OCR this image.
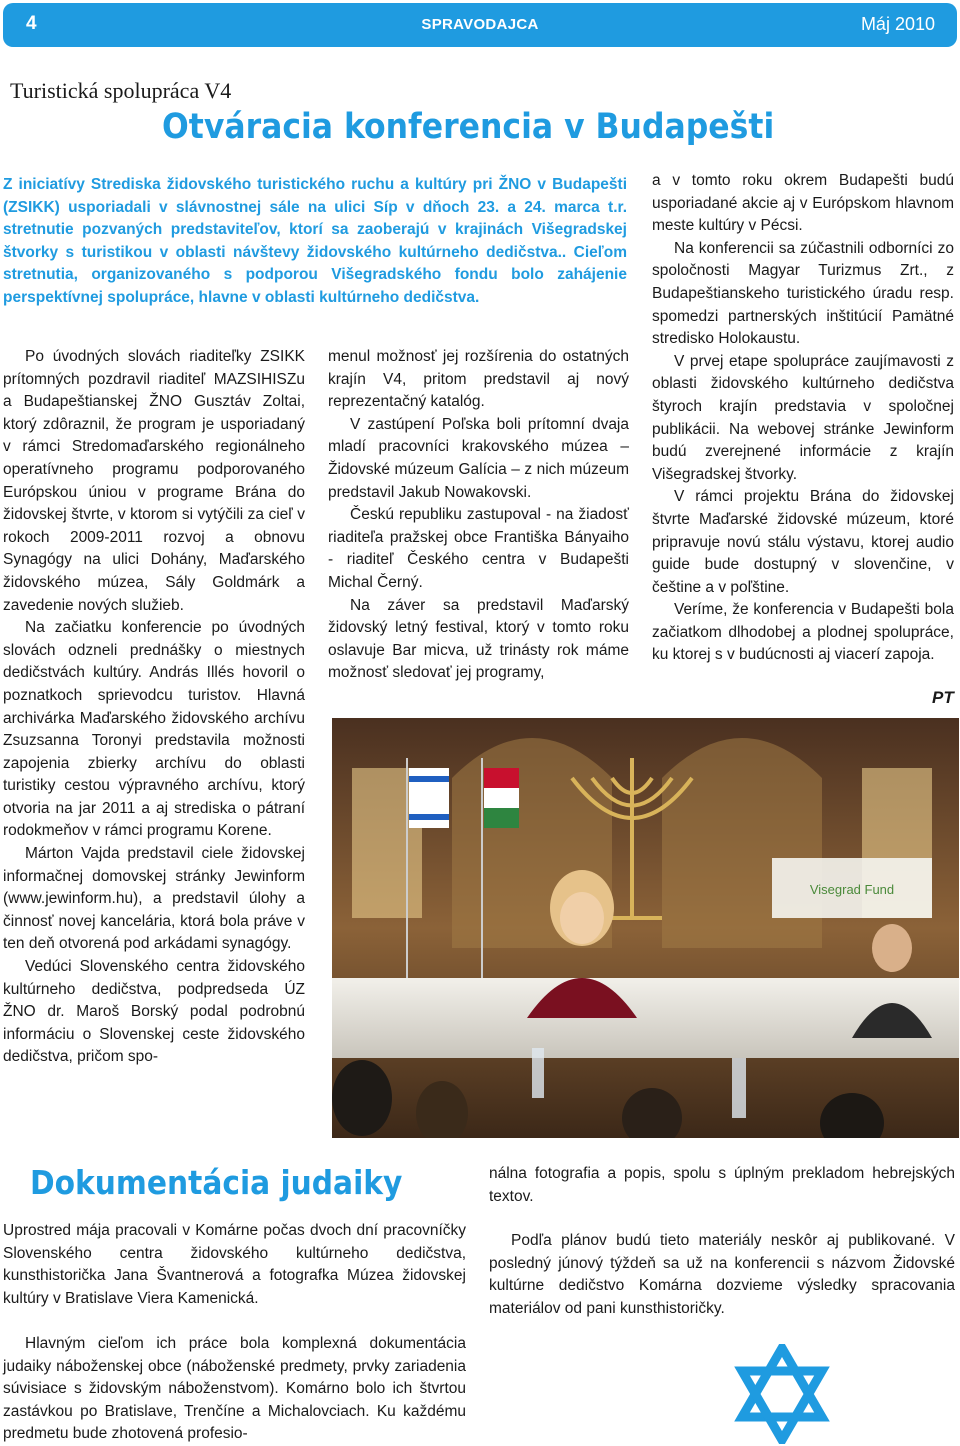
4	SPRAVODAJCA	Máj 2010
Turistická spolupráca V4
Otváracia konferencia v Budapešti

Z iniciatívy Strediska židovského turistického ruchu a kultúry pri ŽNO v Budapešti (ZSIKK) usporiadali v slávnostnej sále na ulici Síp v dňoch 23. a 24. marca t.r. stretnutie pozvaných predstaviteľov, ktorí sa zaoberajú v krajinách Višegradskej štvorky s turistikou v oblasti návštevy židovského kultúrneho dedičstva.. Cieľom stretnutia, organizovaného s podporou Višegradského fondu bolo zahájenie perspektívnej spolupráce, hlavne v oblasti kultúrneho dedičstva.

Po úvodných slovách riaditeľky ZSIKK prítomných pozdravil riaditeľ MAZSIHISZu a Budapeštianskej ŽNO Gusztáv Zoltai, ktorý zdôraznil, že program je usporiadaný v rámci Stredomaďarského regionálneho operatívneho programu podporovaného Európskou úniou v programe Brána do židovskej štvrte, v ktorom si vytýčili za cieľ v rokoch 2009-2011 rozvoj a obnovu Synagógy na ulici Dohány, Maďarského židovského múzea, Sály Goldmárk a zavedenie nových služieb.

Na začiatku konferencie po úvodných slovách odzneli prednášky o miestnych dedičstvách kultúry. András Illés hovoril o poznatkoch sprievodcu turistov. Hlavná archivárka Maďarského židovského archívu Zsuzsanna Toronyi predstavila možnosti zapojenia zbierky archívu do oblasti turistiky cestou výpravného archívu, ktorý otvoria na jar 2011 a aj strediska o pátraní rodokmeňov v rámci programu Korene.

Márton Vajda predstavil ciele židovskej informačnej domovskej stránky Jewinform (www.jewinform.hu), a predstavil úlohy a činnosť novej kancelária, ktorá bola práve v ten deň otvorená pod arkádami synagógy.

Vedúci Slovenského centra židovského kultúrneho dedičstva, podpredseda ÚZ ŽNO dr. Maroš Borský podal podrobnú informáciu o Slovenskej ceste židovského dedičstva, pričom spo-

menul možnosť jej rozšírenia do ostatných krajín V4, pritom predstavil aj nový reprezentačný katalóg.

V zastúpení Poľska boli prítomní dvaja mladí pracovníci krakovského múzea – Židovské múzeum Galícia – z nich múzeum predstavil Jakub Nowakovski.

Českú republiku zastupoval - na žiadosť riaditeľa pražskej obce Františka Bányaiho - riaditeľ Českého centra v Budapešti Michal Černý.

Na záver sa predstavil Maďarský židovský letný festival, ktorý v tomto roku oslavuje Bar micva, už trinásty rok máme možnosť sledovať jej programy,

a v tomto roku okrem Budapešti budú usporiadané akcie aj v Európskom hlavnom meste kultúry v Pécsi.

Na konferencii sa zúčastnili odborníci zo spoločnosti Magyar Turizmus Zrt., z Budapeštianskeho turistického úradu resp. spomedzi partnerských inštitúcií Pamätné stredisko Holokaustu.

V prvej etape spolupráce zaujímavosti z oblasti židovského kultúrneho dedičstva štyroch krajín predstavia v spoločnej publikácii. Na webovej stránke Jewinform budú zverejnené informácie z krajín Višegradskej štvorky.

V rámci projektu Brána do židovskej štvrte Maďarské židovské múzeum, ktoré pripravuje novú stálu výstavu, ktorej audio guide bude dostupný v slovenčine, v češtine a v poľštine.

Veríme, že konferencia v Budapešti bola začiatkom dlhodobej a plodnej spolupráce, ku ktorej s v budúcnosti aj viacerí zapoja.

PT
Visegrad Fund
Dokumentácia judaiky

Uprostred mája pracovali v Komárne počas dvoch dní pracovníčky Slovenského centra židovského kultúrneho dedičstva, kunsthistorička Jana Švantnerová a fotografka Múzea židovskej kultúry v Bratislave Viera Kamenická.

Hlavným cieľom ich práce bola komplexná dokumentácia judaiky náboženskej obce (náboženské predmety, prvky zariadenia súvisiace s židovským náboženstvom). Komárno bolo ich štvrtou zastávkou po Bratislave, Trenčíne a Michalovciach. Ku každému predmetu bude zhotovená profesio-

nálna fotografia a popis, spolu s úplným prekladom hebrejských textov.

Podľa plánov budú tieto materiály neskôr aj publikované. V posledný júnový týždeň sa už na konferencii s názvom Židovské kultúrne dedičstvo Komárna dozvieme výsledky spracovania materiálov od pani kunsthistoričky.
